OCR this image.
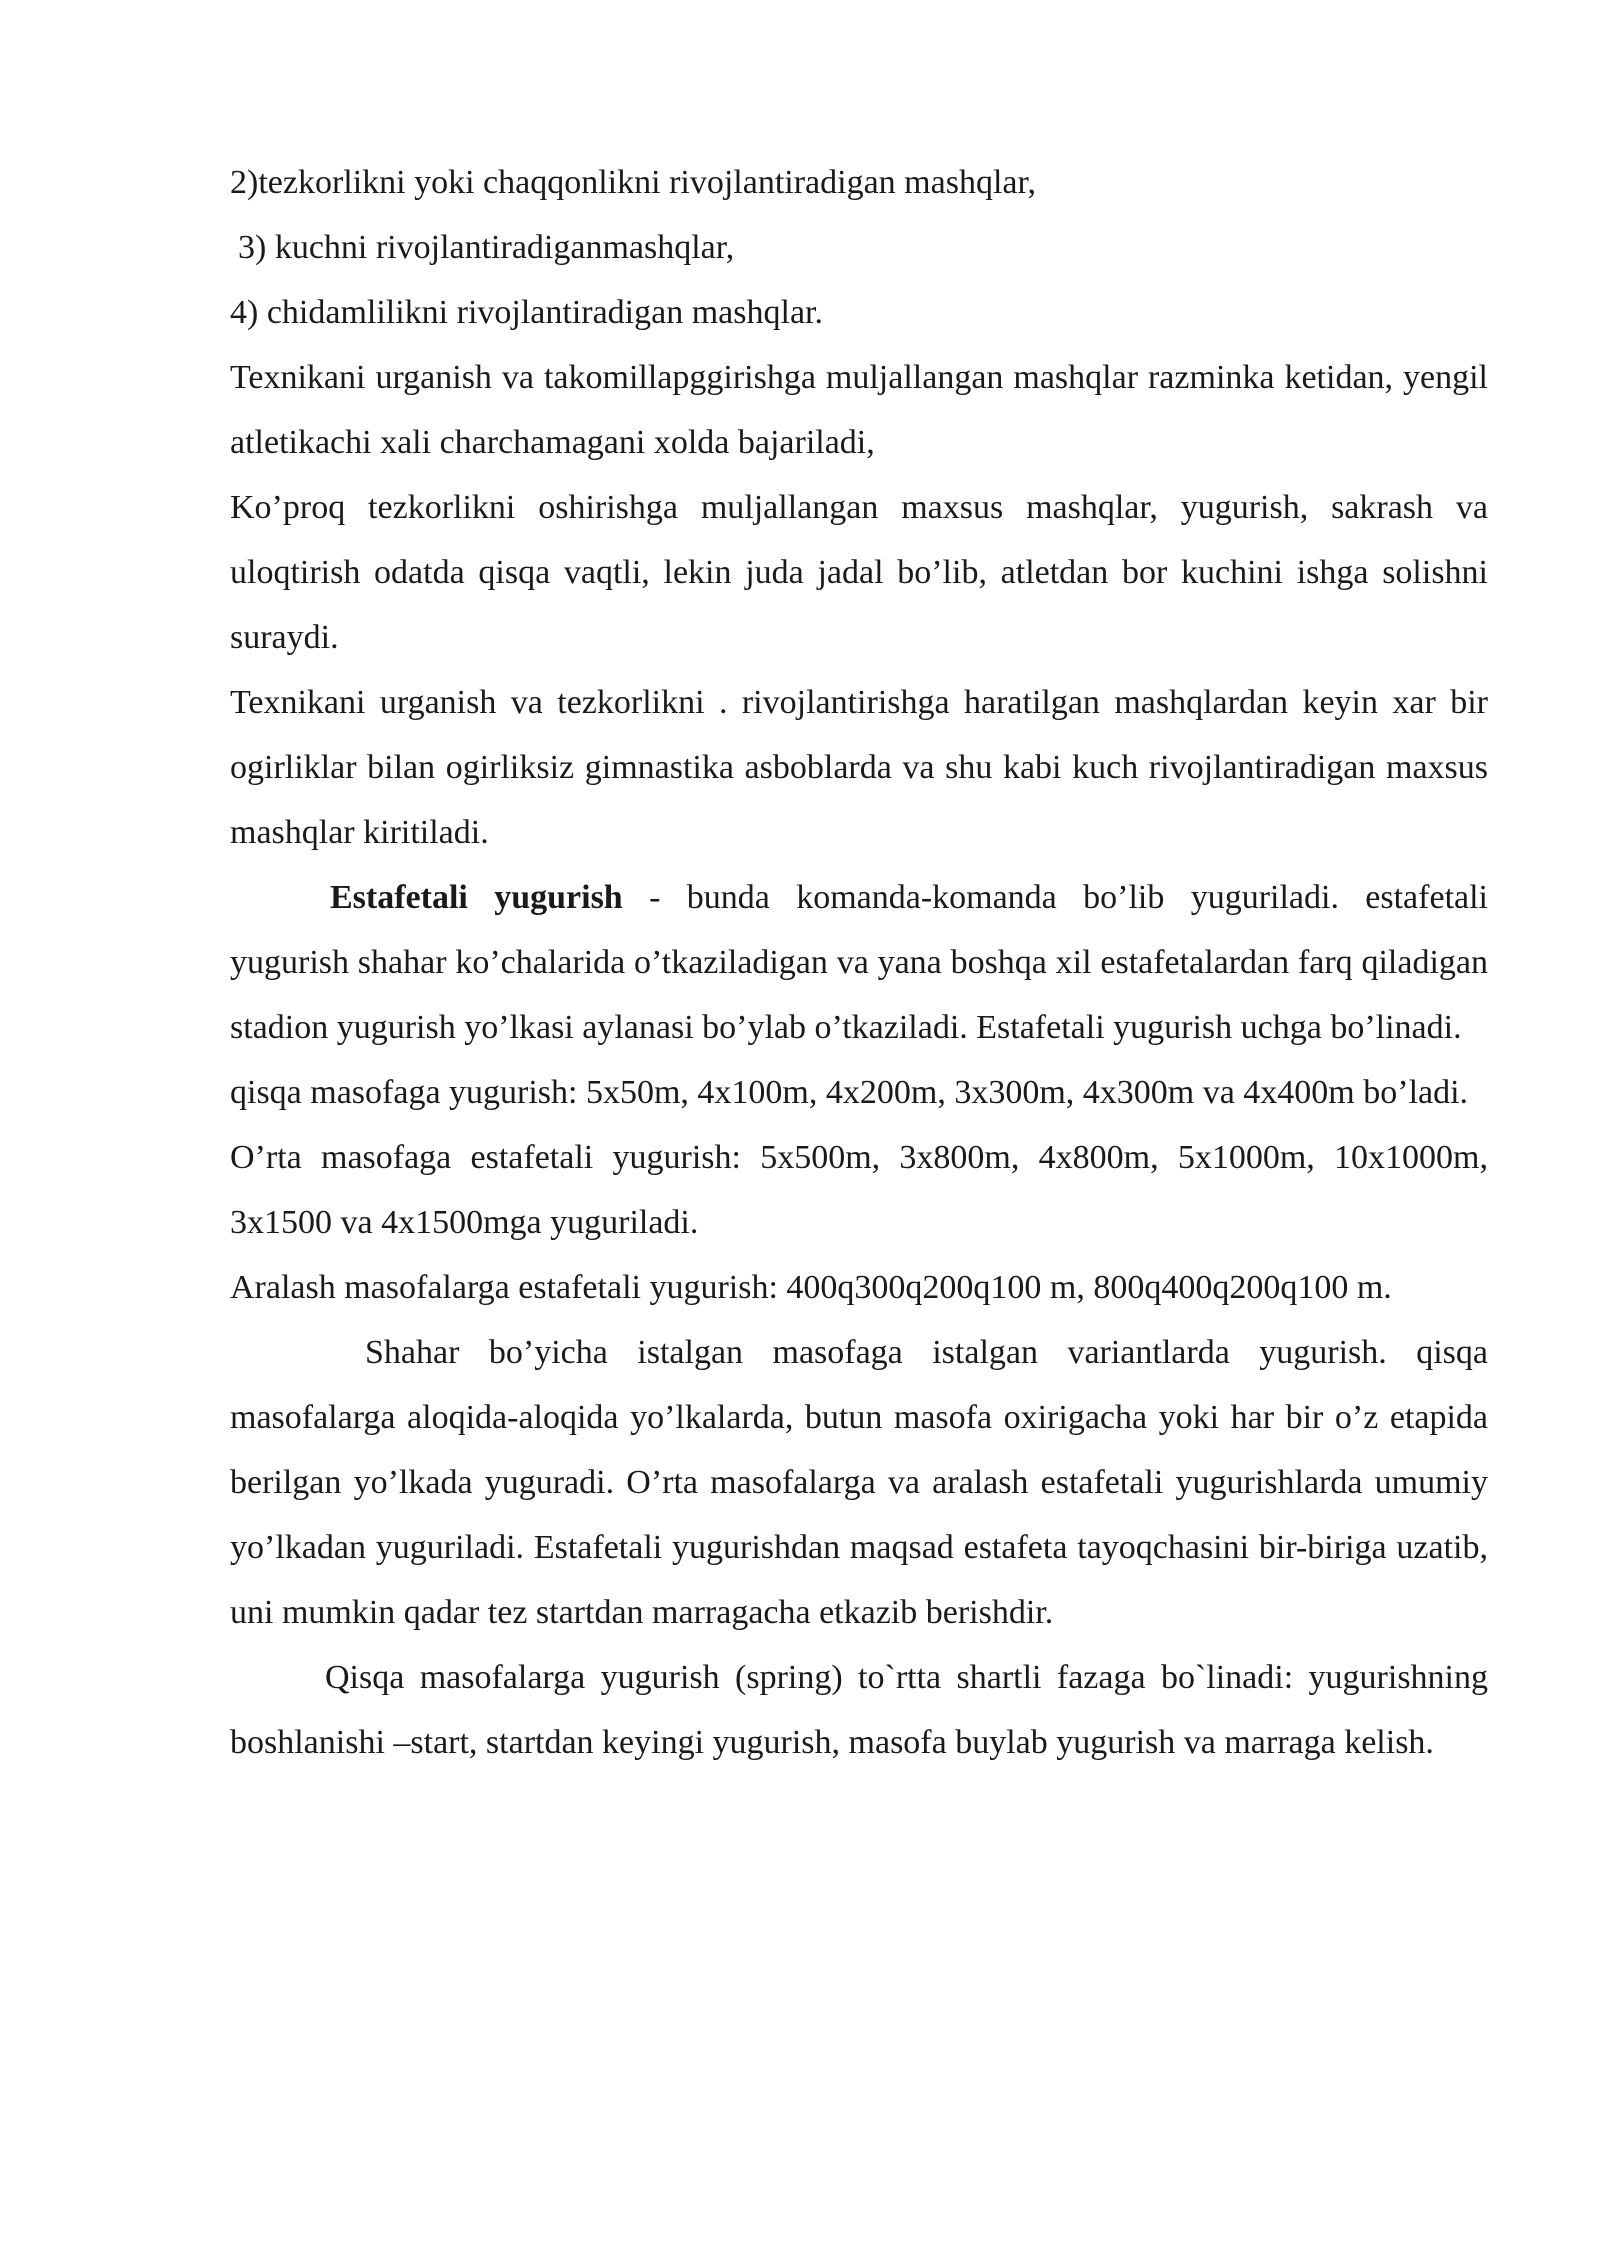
2)tezkorlikni yoki chaqqonlikni rivojlantiradigan mashqlar,

3) kuchni rivojlantiradiganmashqlar,

4) chidamlilikni rivojlantiradigan mashqlar.

Texnikani urganish va takomillapggirishga muljallangan mashqlar razminka ketidan, yengil atletikachi xali charchamagani xolda bajariladi,

Ko’proq tezkorlikni oshirishga muljallangan maxsus mashqlar, yugurish, sakrash va uloqtirish odatda qisqa vaqtli, lekin juda jadal bo’lib, atletdan bor kuchini ishga solishni suraydi.

Texnikani urganish va tezkorlikni . rivojlantirishga haratilgan mashqlardan keyin xar bir ogirliklar bilan ogirliksiz gimnastika asboblarda va shu kabi kuch rivojlantiradigan maxsus mashqlar kiritiladi.

Estafetali yugurish - bunda komanda-komanda bo’lib yuguriladi. estafetali yugurish shahar ko’chalarida o’tkaziladigan va yana boshqa xil estafetalardan farq qiladigan stadion yugurish yo’lkasi aylanasi bo’ylab o’tkaziladi. Estafetali yugurish uchga bo’linadi.

qisqa masofaga yugurish: 5x50m, 4x100m, 4x200m, 3x300m, 4x300m va 4x400m bo’ladi.

O’rta masofaga estafetali yugurish: 5x500m, 3x800m, 4x800m, 5x1000m, 10x1000m, 3x1500 va 4x1500mga yuguriladi.

Aralash masofalarga estafetali yugurish: 400q300q200q100 m, 800q400q200q100 m.

Shahar bo’yicha istalgan masofaga istalgan variantlarda yugurish. qisqa masofalarga aloqida-aloqida yo’lkalarda, butun masofa oxirigacha yoki har bir o’z etapida berilgan yo’lkada yuguradi. O’rta masofalarga va aralash estafetali yugurishlarda umumiy yo’lkadan yuguriladi. Estafetali yugurishdan maqsad estafeta tayoqchasini bir-biriga uzatib, uni mumkin qadar tez startdan marragacha etkazib berishdir.

Qisqa masofalarga yugurish (spring) to`rtta shartli fazaga bo`linadi: yugurishning boshlanishi –start, startdan keyingi yugurish, masofa buylab yugurish va marraga kelish.
